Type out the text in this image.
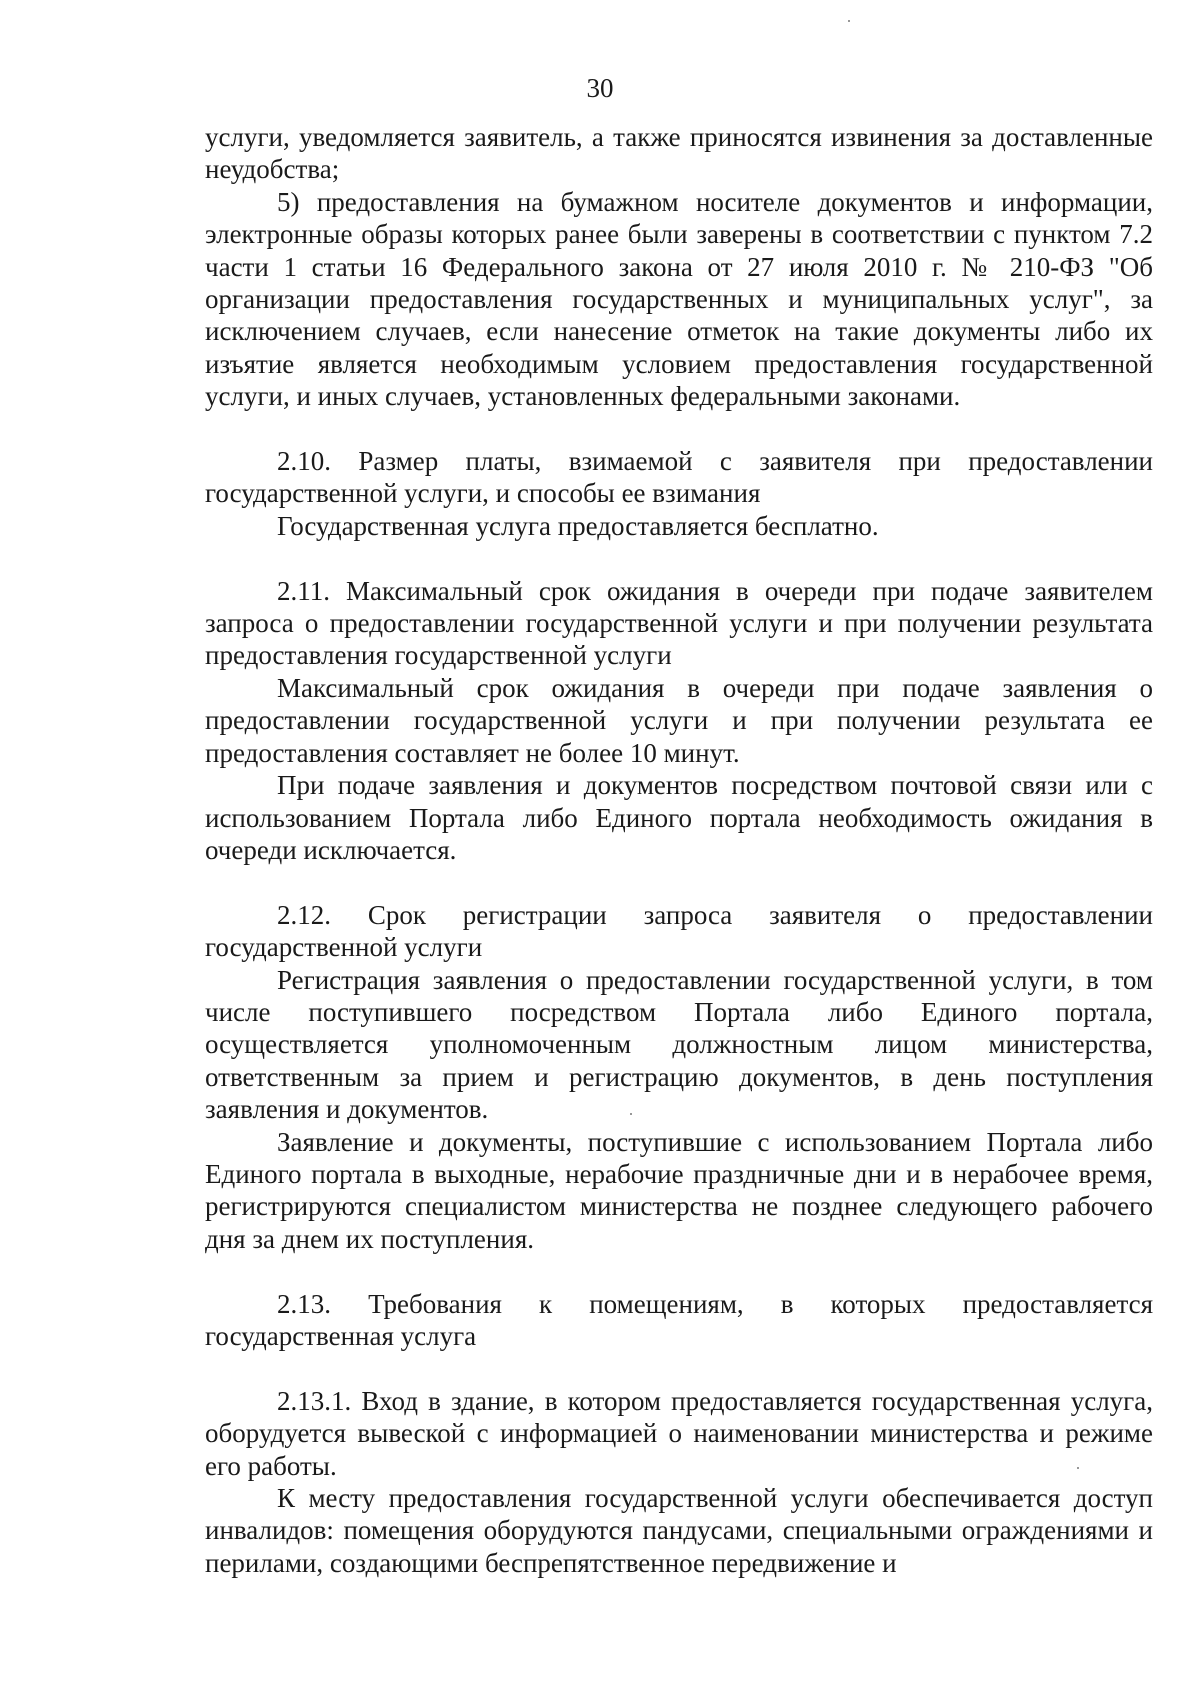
30

услуги, уведомляется заявитель, а также приносятся извинения за доставленные неудобства;

5) предоставления на бумажном носителе документов и информации, электронные образы которых ранее были заверены в соответствии с пунктом 7.2 части 1 статьи 16 Федерального закона от 27 июля 2010 г. № 210-ФЗ "Об организации предоставления государственных и муниципальных услуг", за исключением случаев, если нанесение отметок на такие документы либо их изъятие является необходимым условием предоставления государственной услуги, и иных случаев, установленных федеральными законами.

2.10. Размер платы, взимаемой с заявителя при предоставлении государственной услуги, и способы ее взимания

Государственная услуга предоставляется бесплатно.

2.11. Максимальный срок ожидания в очереди при подаче заявителем запроса о предоставлении государственной услуги и при получении результата предоставления государственной услуги

Максимальный срок ожидания в очереди при подаче заявления о предоставлении государственной услуги и при получении результата ее предоставления составляет не более 10 минут.

При подаче заявления и документов посредством почтовой связи или с использованием Портала либо Единого портала необходимость ожидания в очереди исключается.

2.12. Срок регистрации запроса заявителя о предоставлении государственной услуги

Регистрация заявления о предоставлении государственной услуги, в том числе поступившего посредством Портала либо Единого портала, осуществляется уполномоченным должностным лицом министерства, ответственным за прием и регистрацию документов, в день поступления заявления и документов.

Заявление и документы, поступившие с использованием Портала либо Единого портала в выходные, нерабочие праздничные дни и в нерабочее время, регистрируются специалистом министерства не позднее следующего рабочего дня за днем их поступления.

2.13. Требования к помещениям, в которых предоставляется государственная услуга

2.13.1. Вход в здание, в котором предоставляется государственная услуга, оборудуется вывеской с информацией о наименовании министерства и режиме его работы.

К месту предоставления государственной услуги обеспечивается доступ инвалидов: помещения оборудуются пандусами, специальными ограждениями и перилами, создающими беспрепятственное передвижение и
